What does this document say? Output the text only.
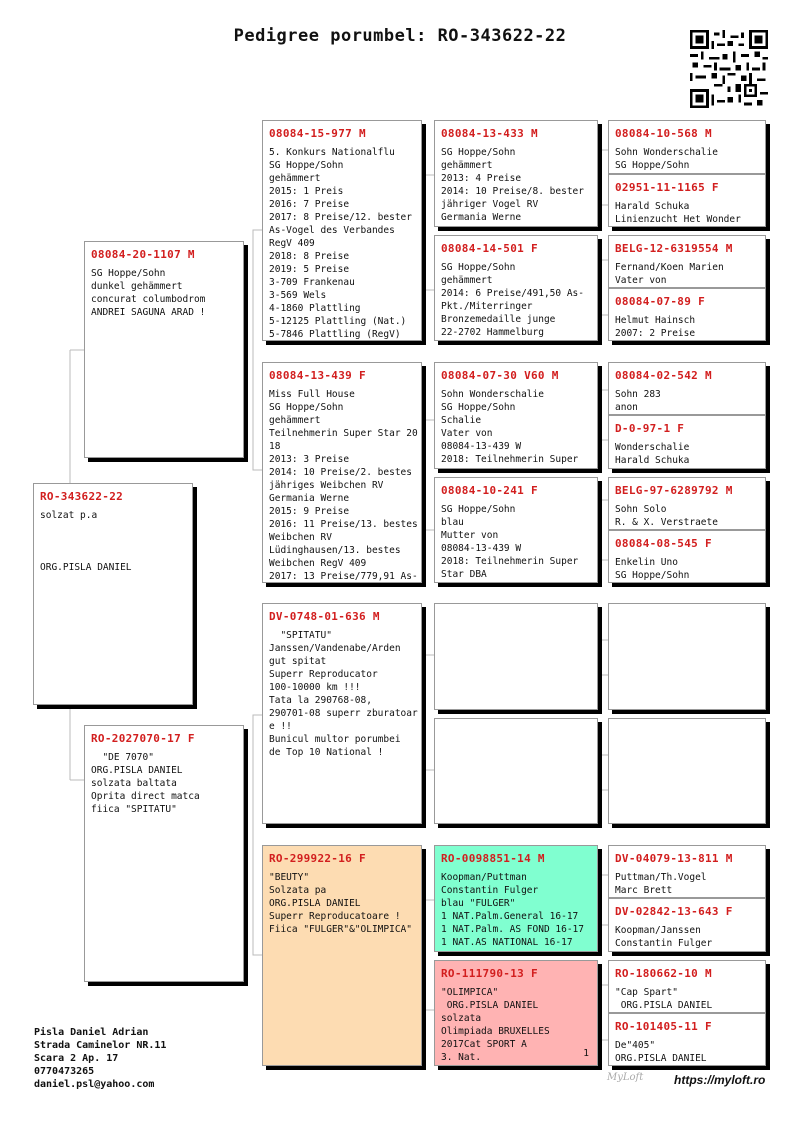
Pedigree porumbel: RO-343622-22
RO-343622-22
solzat p.a

ORG.PISLA DANIEL
08084-20-1107 M
SG Hoppe/Sohn
dunkel gehämmert
concurat columbodrom
ANDREI SAGUNA ARAD !
RO-2027070-17 F
"DE 7070"
ORG.PISLA DANIEL
solzata baltata
Oprita direct matca
fiica "SPITATU"
08084-15-977 M
5. Konkurs Nationalflu
SG Hoppe/Sohn
gehämmert
2015: 1 Preis
2016: 7 Preise
2017: 8 Preise/12. bester
As-Vogel des Verbandes
RegV 409
2018: 8 Preise
2019: 5 Preise
3-709 Frankenau
3-569 Wels
4-1860 Plattling
5-12125 Plattling (Nat.)
5-7846 Plattling (RegV)
08084-13-439 F
Miss Full House
SG Hoppe/Sohn
gehämmert
Teilnehmerin Super Star 20
18
2013: 3 Preise
2014: 10 Preise/2. bestes
jähriges Weibchen RV
Germania Werne
2015: 9 Preise
2016: 11 Preise/13. bestes
Weibchen RV
Lüdinghausen/13. bestes
Weibchen RegV 409
2017: 13 Preise/779,91 As-
DV-0748-01-636 M
"SPITATU"
Janssen/Vandenabe/Arden
gut spitat
Superr Reproducator
100-10000 km !!!
Tata la 290768-08,
290701-08 superr zburatoar
e !!
Bunicul multor porumbei
de Top 10 National !
RO-299922-16 F
"BEUTY"
Solzata pa
ORG.PISLA DANIEL
Superr Reproducatoare !
Fiica "FULGER"&"OLIMPICA"
08084-13-433 M
SG Hoppe/Sohn
gehämmert
2013: 4 Preise
2014: 10 Preise/8. bester
jähriger Vogel RV
Germania Werne
08084-14-501 F
SG Hoppe/Sohn
gehämmert
2014: 6 Preise/491,50 As-
Pkt./Miterringer
Bronzemedaille junge
22-2702 Hammelburg
08084-07-30 V60 M
Sohn Wonderschalie
SG Hoppe/Sohn
Schalie
Vater von
08084-13-439 W
2018: Teilnehmerin Super
08084-10-241 F
SG Hoppe/Sohn
blau
Mutter von
08084-13-439 W
2018: Teilnehmerin Super
Star DBA
RO-0098851-14 M
Koopman/Puttman
Constantin Fulger
blau "FULGER"
1 NAT.Palm.General 16-17
1 NAT.Palm. AS FOND 16-17
1 NAT.AS NATIONAL 16-17
RO-111790-13 F
"OLIMPICA"
ORG.PISLA DANIEL
solzata
Olimpiada BRUXELLES
2017Cat SPORT A
3. Nat.	1
08084-10-568 M
Sohn Wonderschalie
SG Hoppe/Sohn

02951-11-1165 F
Harald Schuka
Linienzucht Het Wonder

BELG-12-6319554 M
Fernand/Koen Marien
Vater von

08084-07-89 F
Helmut Hainsch
2007: 2 Preise

08084-02-542 M
Sohn 283
anon

D-0-97-1 F
Wonderschalie
Harald Schuka

BELG-97-6289792 M
Sohn Solo
R. & X. Verstraete

08084-08-545 F
Enkelin Uno
SG Hoppe/Sohn

DV-04079-13-811 M
Puttman/Th.Vogel
Marc Brett

DV-02842-13-643 F
Koopman/Janssen
Constantin Fulger

RO-180662-10 M
"Cap Spart"
ORG.PISLA DANIEL

RO-101405-11 F
De"405"
ORG.PISLA DANIEL

Pisla Daniel Adrian
Strada Caminelor NR.11
Scara 2 Ap. 17
0770473265
daniel.psl@yahoo.com
MyLoft	https://myloft.ro
